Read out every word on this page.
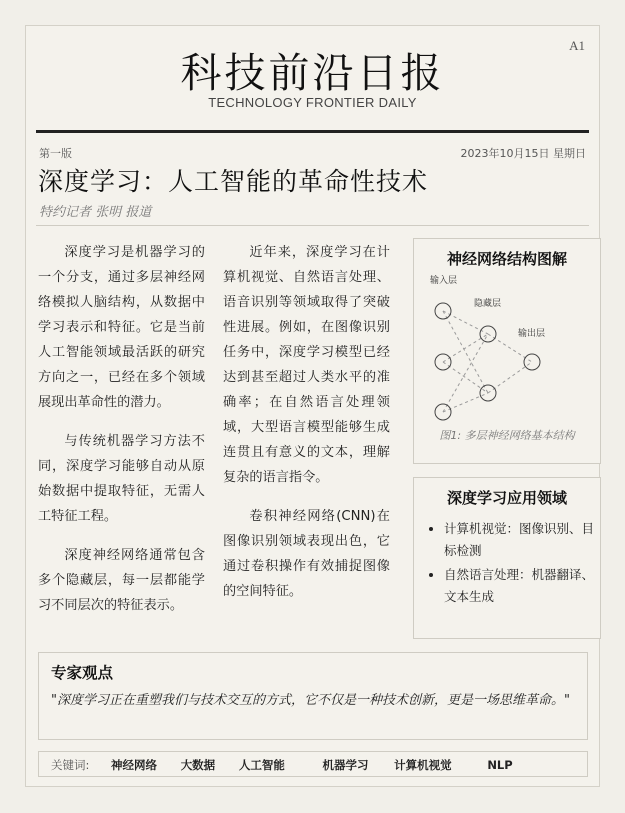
A1
科技前沿日报
TECHNOLOGY FRONTIER DAILY
第一版	2023年10月15日 星期日
深度学习：人工智能的革命性技术
特约记者 张明 报道

深度学习是机器学习的一个分支，通过多层神经网络模拟人脑结构，从数据中学习表示和特征。它是当前人工智能领域最活跃的研究方向之一，已经在多个领域展现出革命性的潜力。

与传统机器学习方法不同，深度学习能够自动从原始数据中提取特征，无需人工特征工程。

深度神经网络通常包含多个隐藏层，每一层都能学习不同层次的特征表示。

近年来，深度学习在计算机视觉、自然语言处理、语音识别等领域取得了突破性进展。例如，在图像识别任务中，深度学习模型已经达到甚至超过人类水平的准确率；在自然语言处理领域，大型语言模型能够生成连贯且有意义的文本，理解复杂的语言指令。

卷积神经网络(CNN)在图像识别领域表现出色，它通过卷积操作有效捕捉图像的空间特征。

神经网络结构图解
输入层
隐藏层
输出层
图1: 多层神经网络基本结构
深度学习应用领域
• 计算机视觉：图像识别、目标检测
• 自然语言处理：机器翻译、文本生成
专家观点
"深度学习正在重塑我们与技术交互的方式，它不仅是一种技术创新，更是一场思维革命。"
关键词: 神经网络 大数据 人工智能	机器学习 计算机视觉	NLP
